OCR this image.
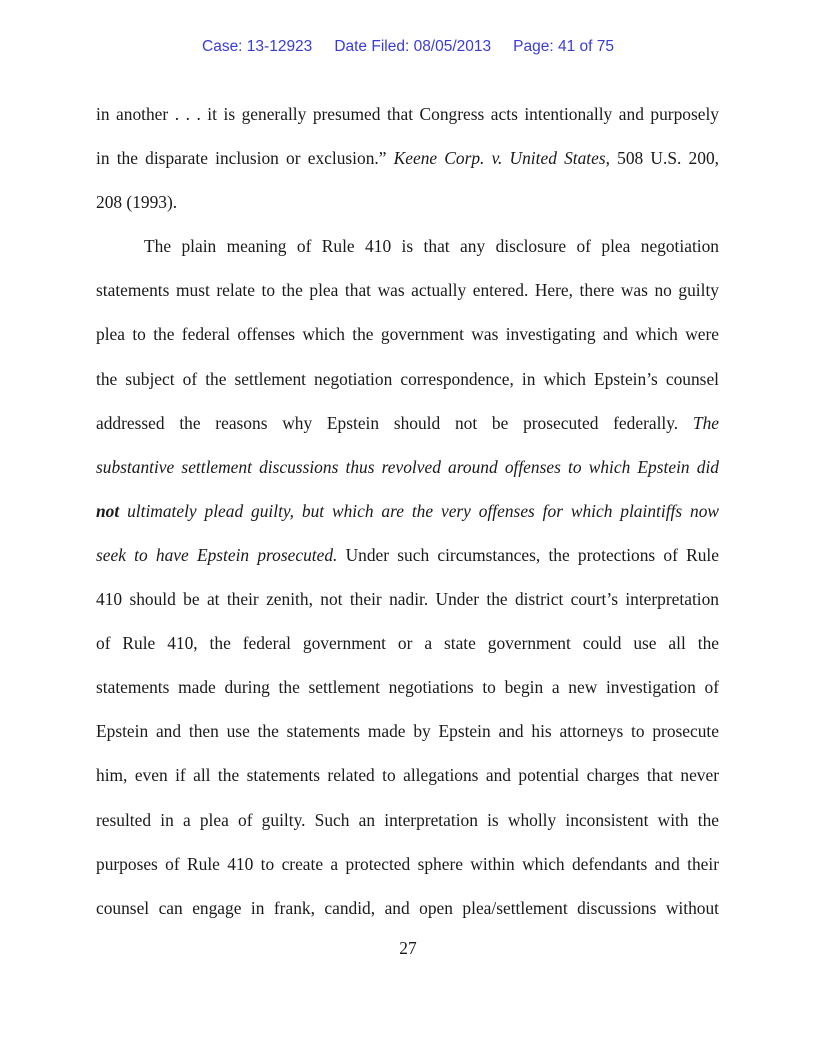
Case: 13-12923 Date Filed: 08/05/2013 Page: 41 of 75
in another . . . it is generally presumed that Congress acts intentionally and purposely
in the disparate inclusion or exclusion.” Keene Corp. v. United States, 508 U.S. 200,
208 (1993).
The plain meaning of Rule 410 is that any disclosure of plea negotiation
statements must relate to the plea that was actually entered. Here, there was no guilty
plea to the federal offenses which the government was investigating and which were
the subject of the settlement negotiation correspondence, in which Epstein’s counsel
addressed the reasons why Epstein should not be prosecuted federally. The
substantive settlement discussions thus revolved around offenses to which Epstein did
not ultimately plead guilty, but which are the very offenses for which plaintiffs now
seek to have Epstein prosecuted. Under such circumstances, the protections of Rule
410 should be at their zenith, not their nadir. Under the district court’s interpretation
of Rule 410, the federal government or a state government could use all the
statements made during the settlement negotiations to begin a new investigation of
Epstein and then use the statements made by Epstein and his attorneys to prosecute
him, even if all the statements related to allegations and potential charges that never
resulted in a plea of guilty. Such an interpretation is wholly inconsistent with the
purposes of Rule 410 to create a protected sphere within which defendants and their
counsel can engage in frank, candid, and open plea/settlement discussions without
27
